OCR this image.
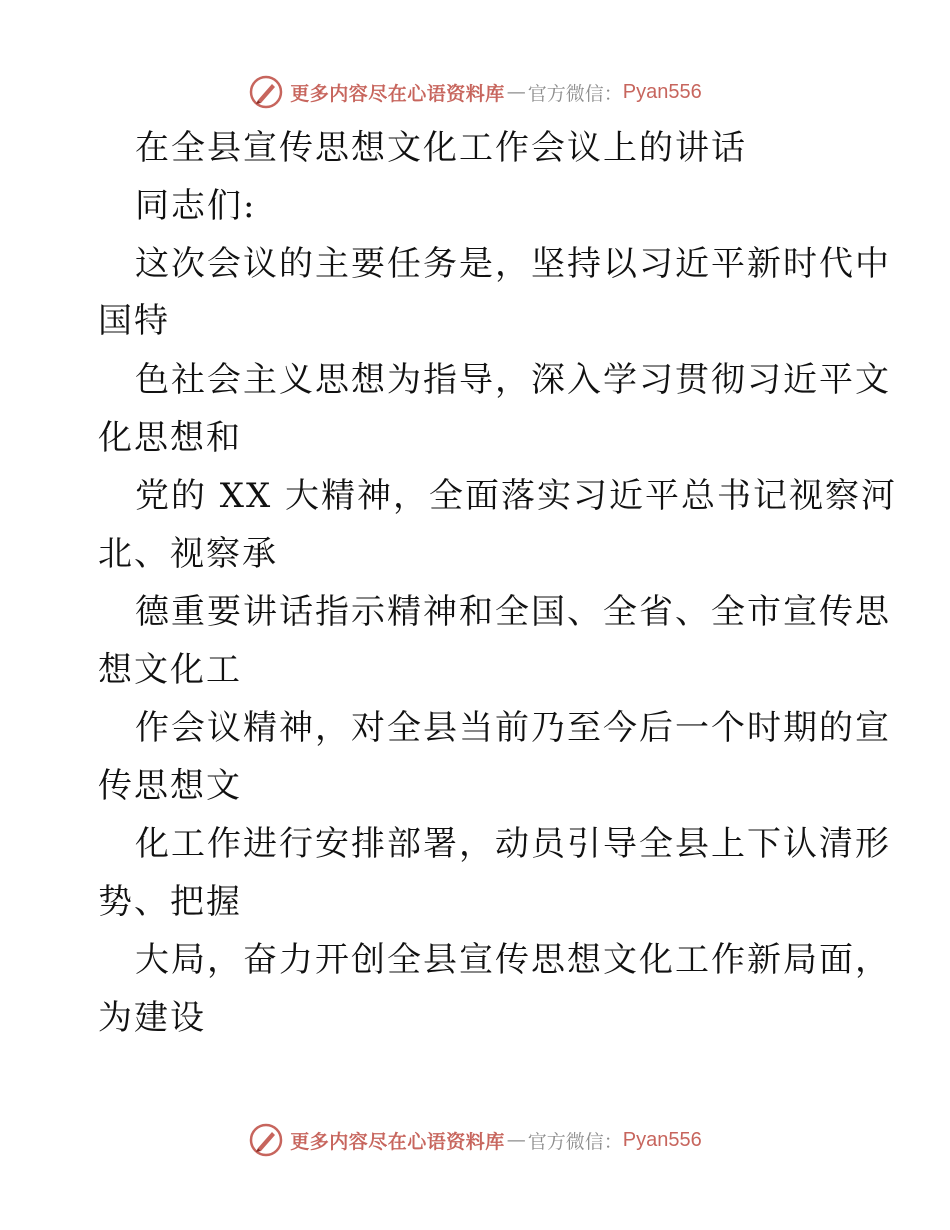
更多内容尽在心语资料库 — 官方微信： Pyan556
在全县宣传思想文化工作会议上的讲话
同志们:
这次会议的主要任务是，坚持以习近平新时代中
国特
色社会主义思想为指导，深入学习贯彻习近平文
化思想和
党的 XX 大精神，全面落实习近平总书记视察河
北、视察承
德重要讲话指示精神和全国、全省、全市宣传思
想文化工
作会议精神，对全县当前乃至今后一个时期的宣
传思想文
化工作进行安排部署，动员引导全县上下认清形
势、把握
大局，奋力开创全县宣传思想文化工作新局面，
为建设
更多内容尽在心语资料库 — 官方微信： Pyan556
